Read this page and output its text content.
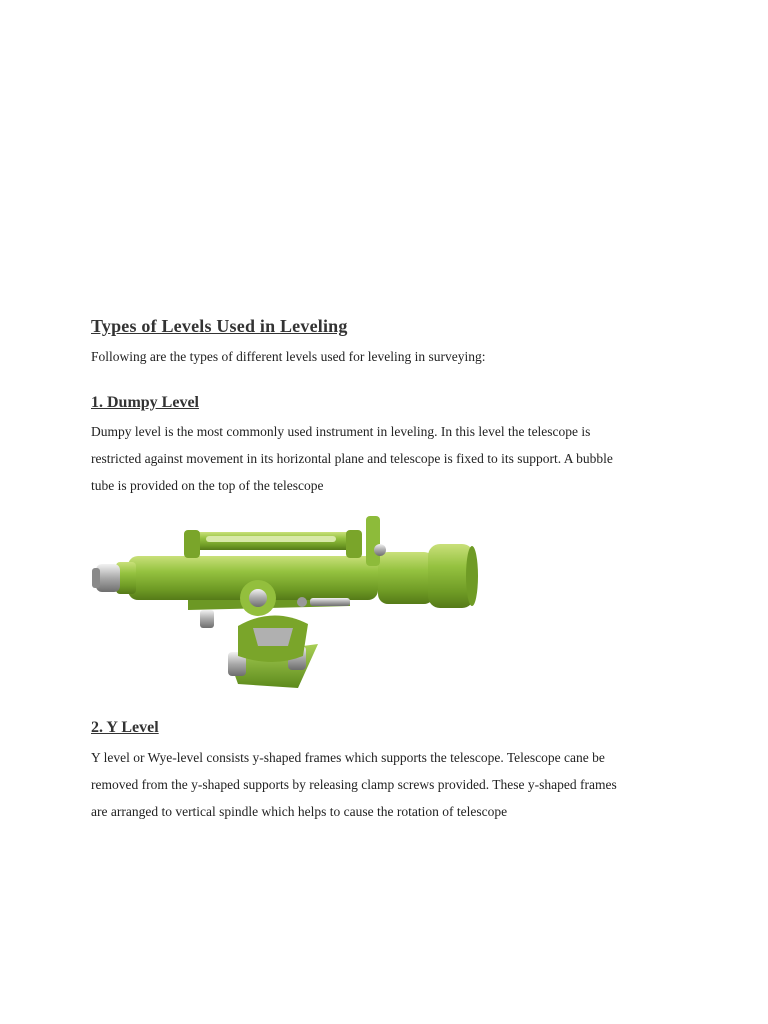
Types of Levels Used in Leveling

Following are the types of different levels used for leveling in surveying:

1. Dumpy Level

Dumpy level is the most commonly used instrument in leveling. In this level the telescope is
restricted against movement in its horizontal plane and telescope is fixed to its support. A bubble
tube is provided on the top of the telescope

2. Y Level

Y level or Wye-level consists y-shaped frames which supports the telescope. Telescope cane be
removed from the y-shaped supports by releasing clamp screws provided. These y-shaped frames
are arranged to vertical spindle which helps to cause the rotation of telescope
